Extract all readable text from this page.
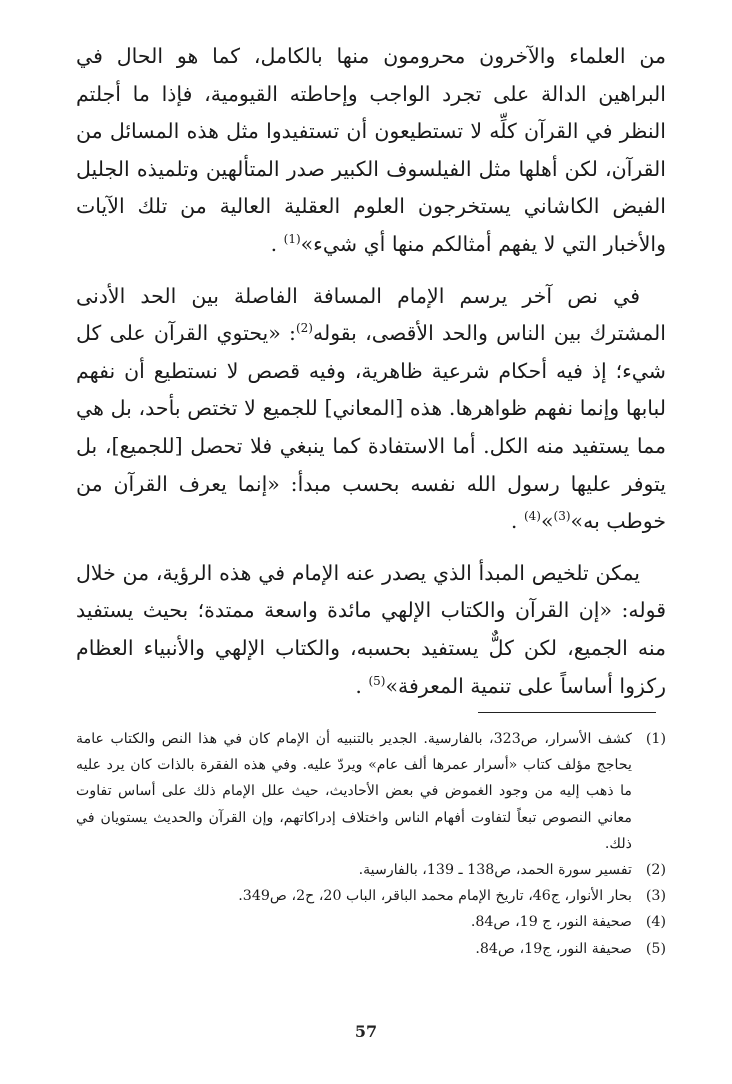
من العلماء والآخرون محرومون منها بالكامل، كما هو الحال في البراهين الدالة على تجرد الواجب وإحاطته القيومية، فإذا ما أجلتم النظر في القرآن كلِّه لا تستطيعون أن تستفيدوا مثل هذه المسائل من القرآن، لكن أهلها مثل الفيلسوف الكبير صدر المتألهين وتلميذه الجليل الفيض الكاشاني يستخرجون العلوم العقلية العالية من تلك الآيات والأخبار التي لا يفهم أمثالكم منها أي شيء»$^{(1)}$ .

في نص آخر يرسم الإمام المسافة الفاصلة بين الحد الأدنى المشترك بين الناس والحد الأقصى، بقوله$^{(2)}$: «يحتوي القرآن على كل شيء؛ إذ فيه أحكام شرعية ظاهرية، وفيه قصص لا نستطيع أن نفهم لبابها وإنما نفهم ظواهرها. هذه [المعاني] للجميع لا تختص بأحد، بل هي مما يستفيد منه الكل. أما الاستفادة كما ينبغي فلا تحصل [للجميع]، بل يتوفر عليها رسول الله نفسه بحسب مبدأ: «إنما يعرف القرآن من خوطب به»$^{(3)}$»$^{(4)}$ .

يمكن تلخيص المبدأ الذي يصدر عنه الإمام في هذه الرؤية، من خلال قوله: «إن القرآن والكتاب الإلهي مائدة واسعة ممتدة؛ بحيث يستفيد منه الجميع، لكن كلٌّ يستفيد بحسبه، والكتاب الإلهي والأنبياء العظام ركزوا أساساً على تنمية المعرفة»$^{(5)}$ .

(1)
كشف الأسرار، ص323، بالفارسية. الجدير بالتنبيه أن الإمام كان في هذا النص والكتاب عامة يحاجج مؤلف كتاب «أسرار عمرها ألف عام» ويردّ عليه. وفي هذه الفقرة بالذات كان يرد عليه ما ذهب إليه من وجود الغموض في بعض الأحاديث، حيث علل الإمام ذلك على أساس تفاوت معاني النصوص تبعاً لتفاوت أفهام الناس واختلاف إدراكاتهم، وإن القرآن والحديث يستويان في ذلك.
(2)
تفسير سورة الحمد، ص138 ـ 139، بالفارسية.
(3)
بحار الأنوار، ج46، تاريخ الإمام محمد الباقر، الباب 20، ح2، ص349.
(4)
صحيفة النور، ج 19، ص84.
(5)
صحيفة النور، ج19، ص84.
57
